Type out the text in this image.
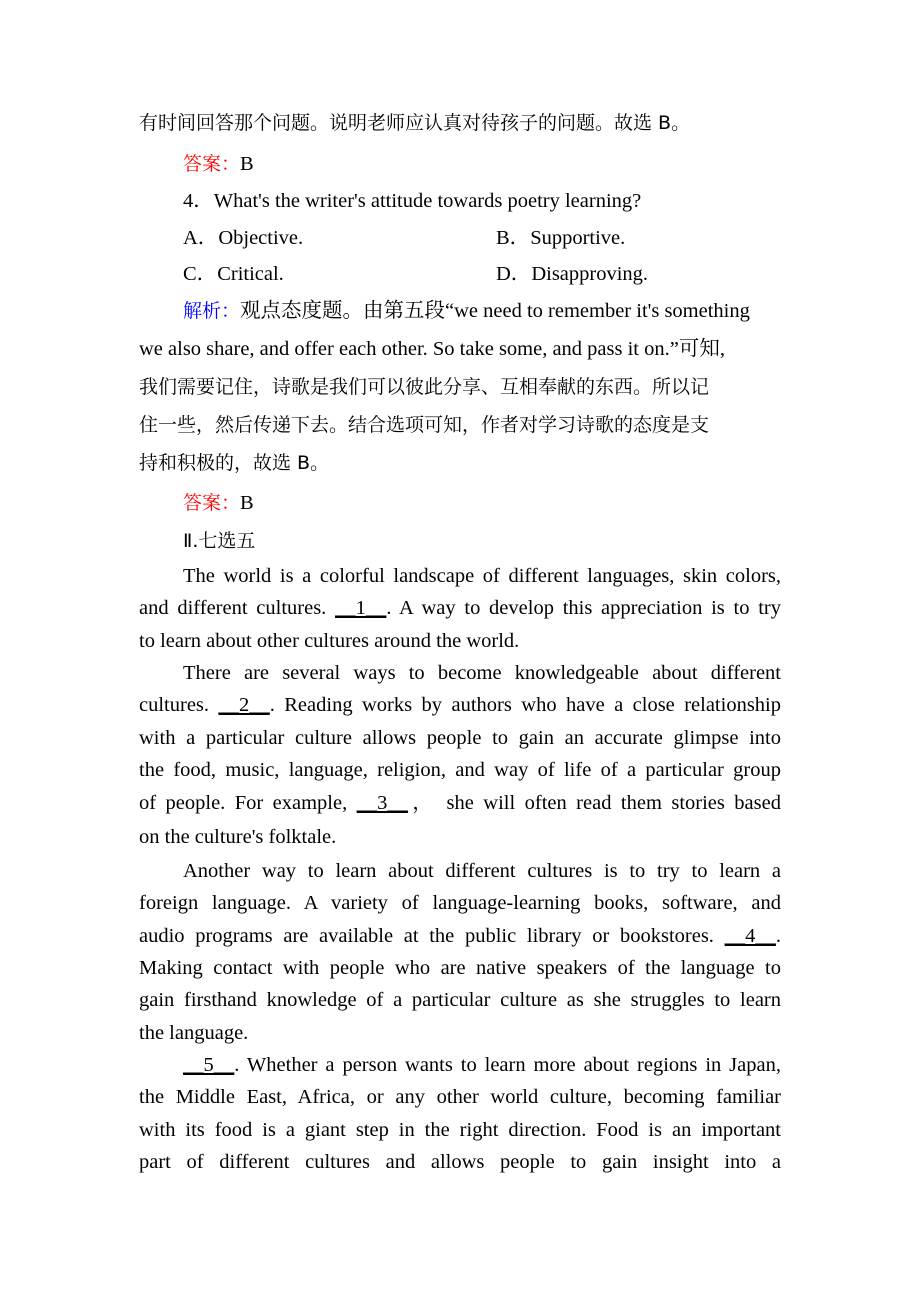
有时间回答那个问题。说明老师应认真对待孩子的问题。故选 B。
答案：B
4．What's the writer's attitude towards poetry learning?
A．Objective.	B．Supportive.
C．Critical.	D．Disapproving.
解析：观点态度题。由第五段“we need to remember it's something
we also share, and offer each other. So take some, and pass it on.”可知,
我们需要记住，诗歌是我们可以彼此分享、互相奉献的东西。所以记
住一些，然后传递下去。结合选项可知，作者对学习诗歌的态度是支
持和积极的，故选 B。
答案：B
Ⅱ.七选五
The world is a colorful landscape of different languages, skin colors,
and different cultures. __1__. A way to develop this appreciation is to try
to learn about other cultures around the world.
There are several ways to become knowledgeable about different
cultures. __2__. Reading works by authors who have a close relationship
with a particular culture allows people to gain an accurate glimpse into
the food, music, language, religion, and way of life of a particular group
of people. For example, __3__， she will often read them stories based
on the culture's folktale.
Another way to learn about different cultures is to try to learn a
foreign language. A variety of language-learning books, software, and
audio programs are available at the public library or bookstores. __4__.
Making contact with people who are native speakers of the language to
gain firsthand knowledge of a particular culture as she struggles to learn
the language.
__5__. Whether a person wants to learn more about regions in Japan,
the Middle East, Africa, or any other world culture, becoming familiar
with its food is a giant step in the right direction. Food is an important
part of different cultures and allows people to gain insight into a
